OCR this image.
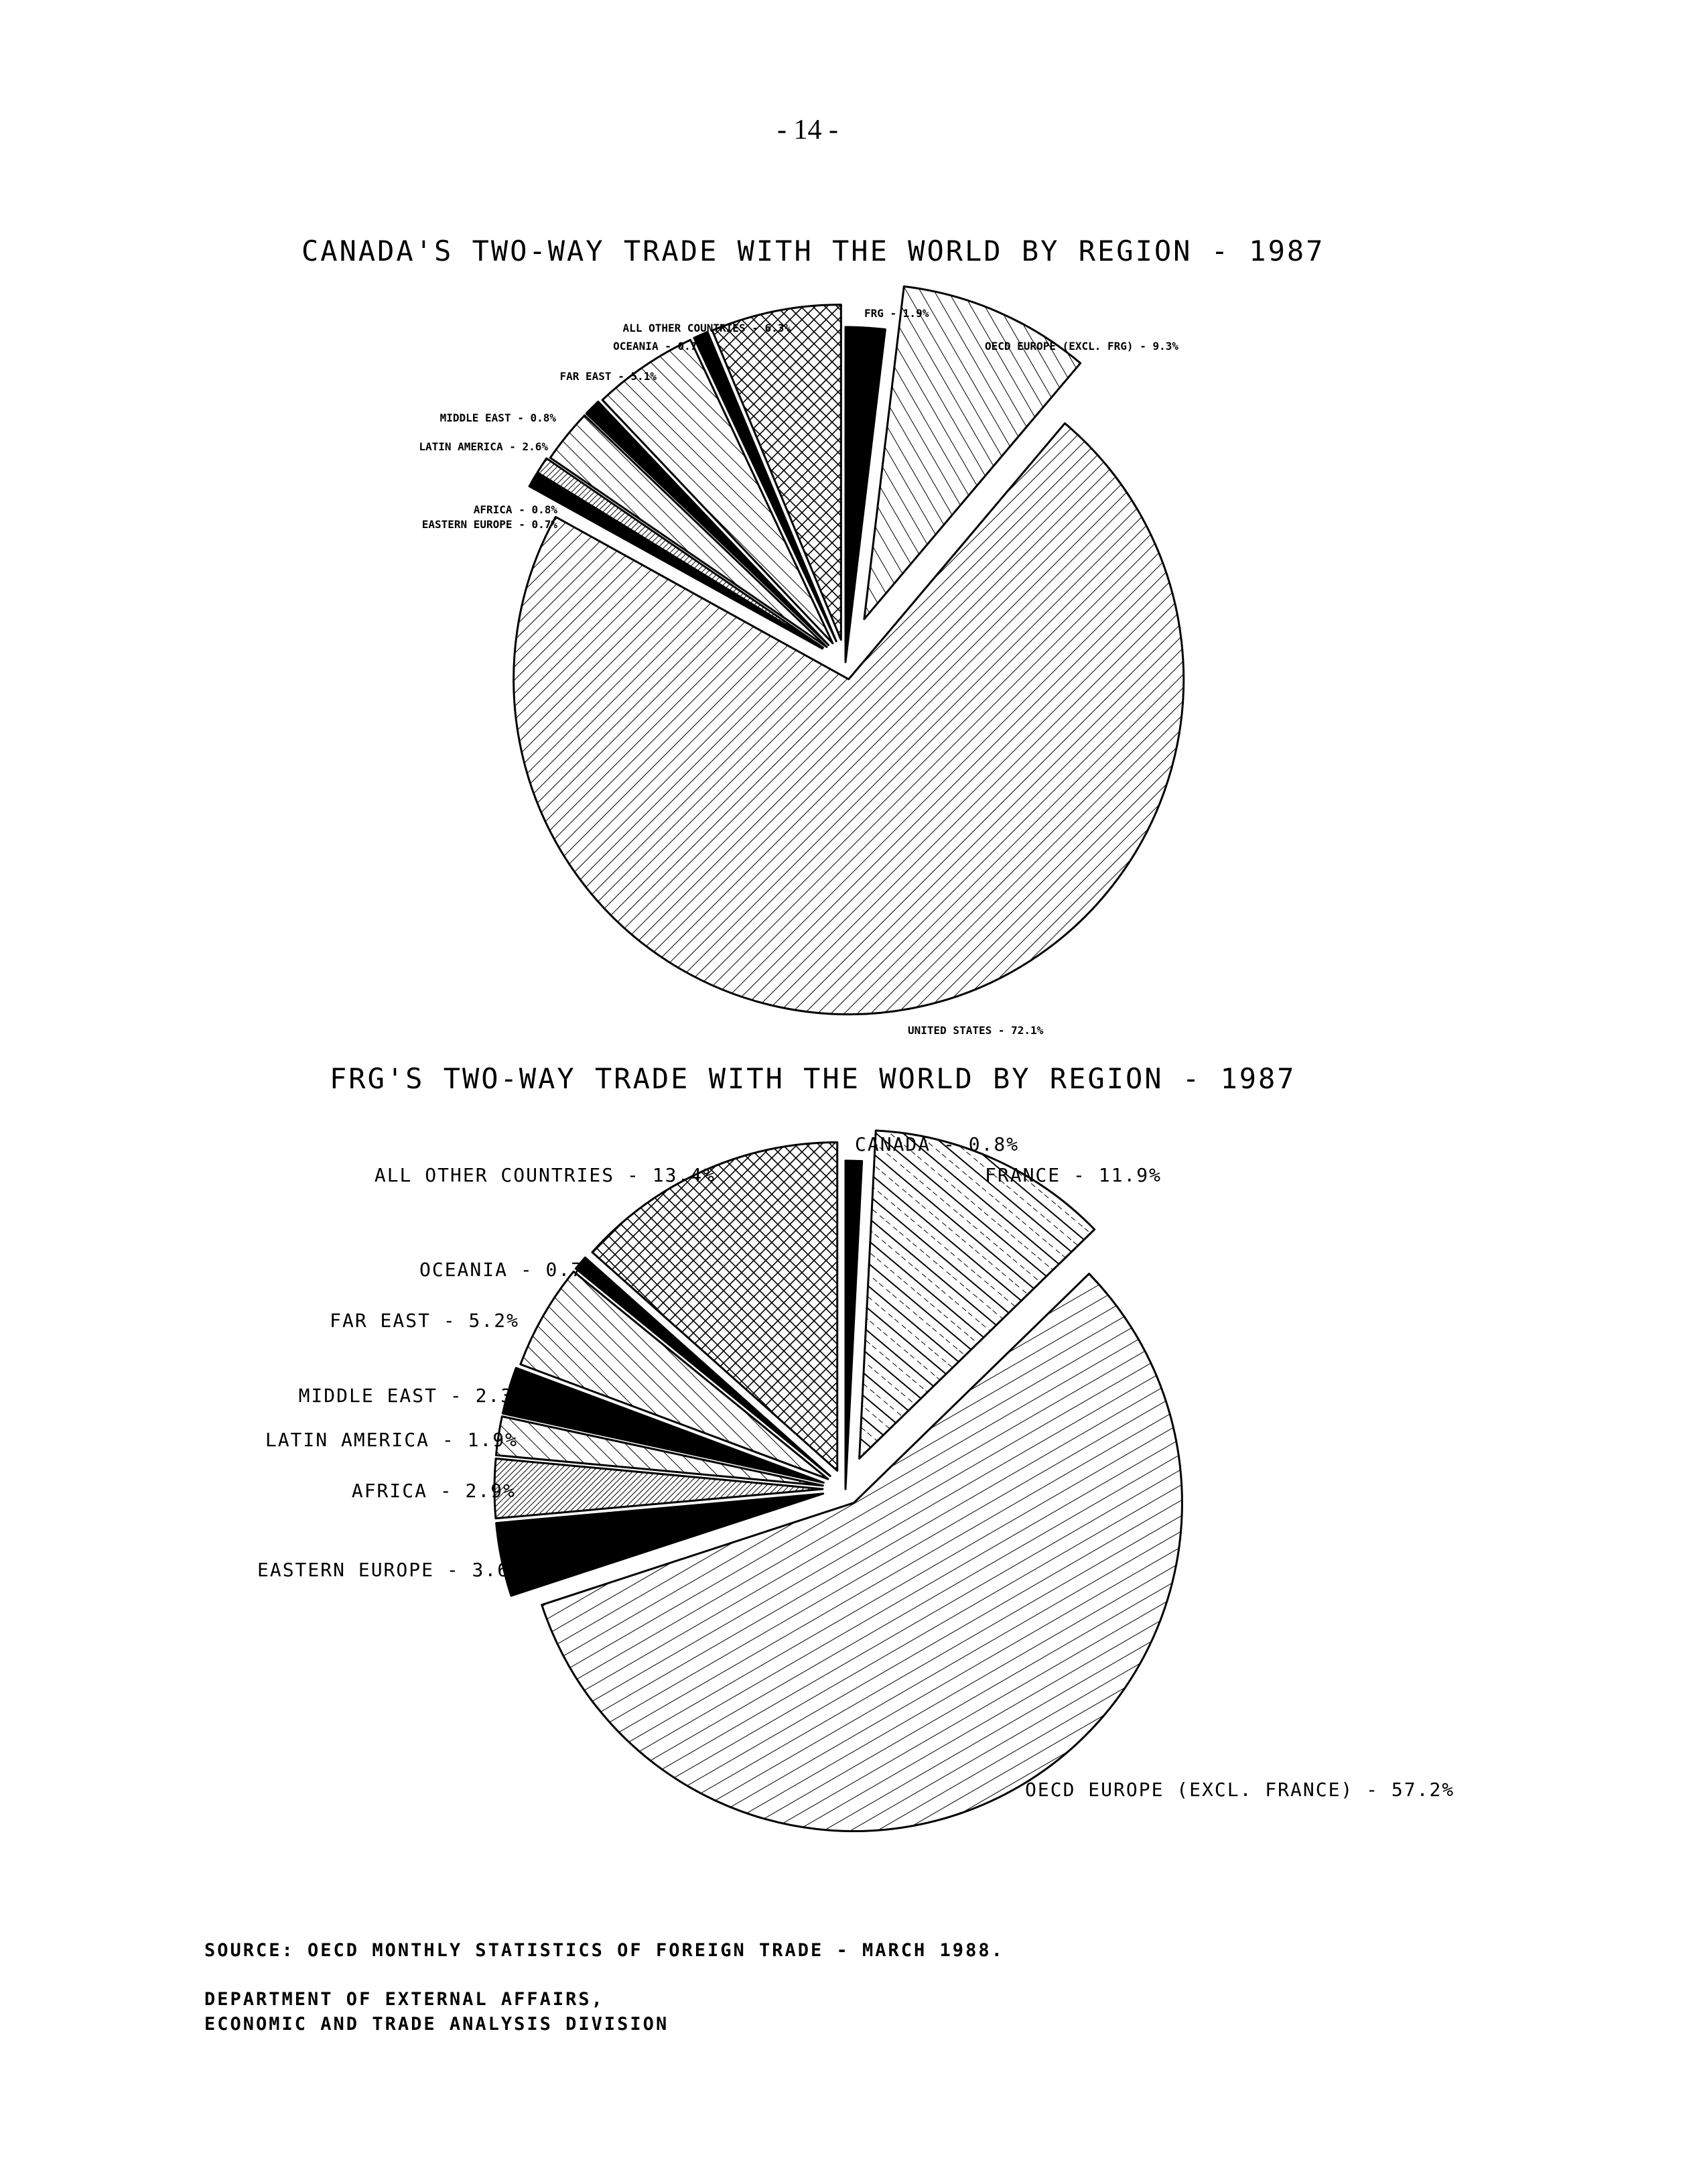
- 14 -
CANADA'S TWO-WAY TRADE WITH THE WORLD BY REGION - 1987
FRG'S TWO-WAY TRADE WITH THE WORLD BY REGION - 1987
FRG - 1.9%
OECD EUROPE (EXCL. FRG) - 9.3%
UNITED STATES - 72.1%
EASTERN EUROPE - 0.7%
AFRICA - 0.8%
LATIN AMERICA - 2.6%
MIDDLE EAST - 0.8%
FAR EAST - 5.1%
OCEANIA - 0.7%
ALL OTHER COUNTRIES - 6.3%
CANADA - 0.8%
FRANCE - 11.9%
OECD EUROPE (EXCL. FRANCE) - 57.2%
EASTERN EUROPE - 3.6%
AFRICA - 2.9%
LATIN AMERICA - 1.9%
MIDDLE EAST - 2.3%
FAR EAST - 5.2%
OCEANIA - 0.7%
ALL OTHER COUNTRIES - 13.4%
SOURCE: OECD MONTHLY STATISTICS OF FOREIGN TRADE - MARCH 1988.
DEPARTMENT OF EXTERNAL AFFAIRS,
ECONOMIC AND TRADE ANALYSIS DIVISION
